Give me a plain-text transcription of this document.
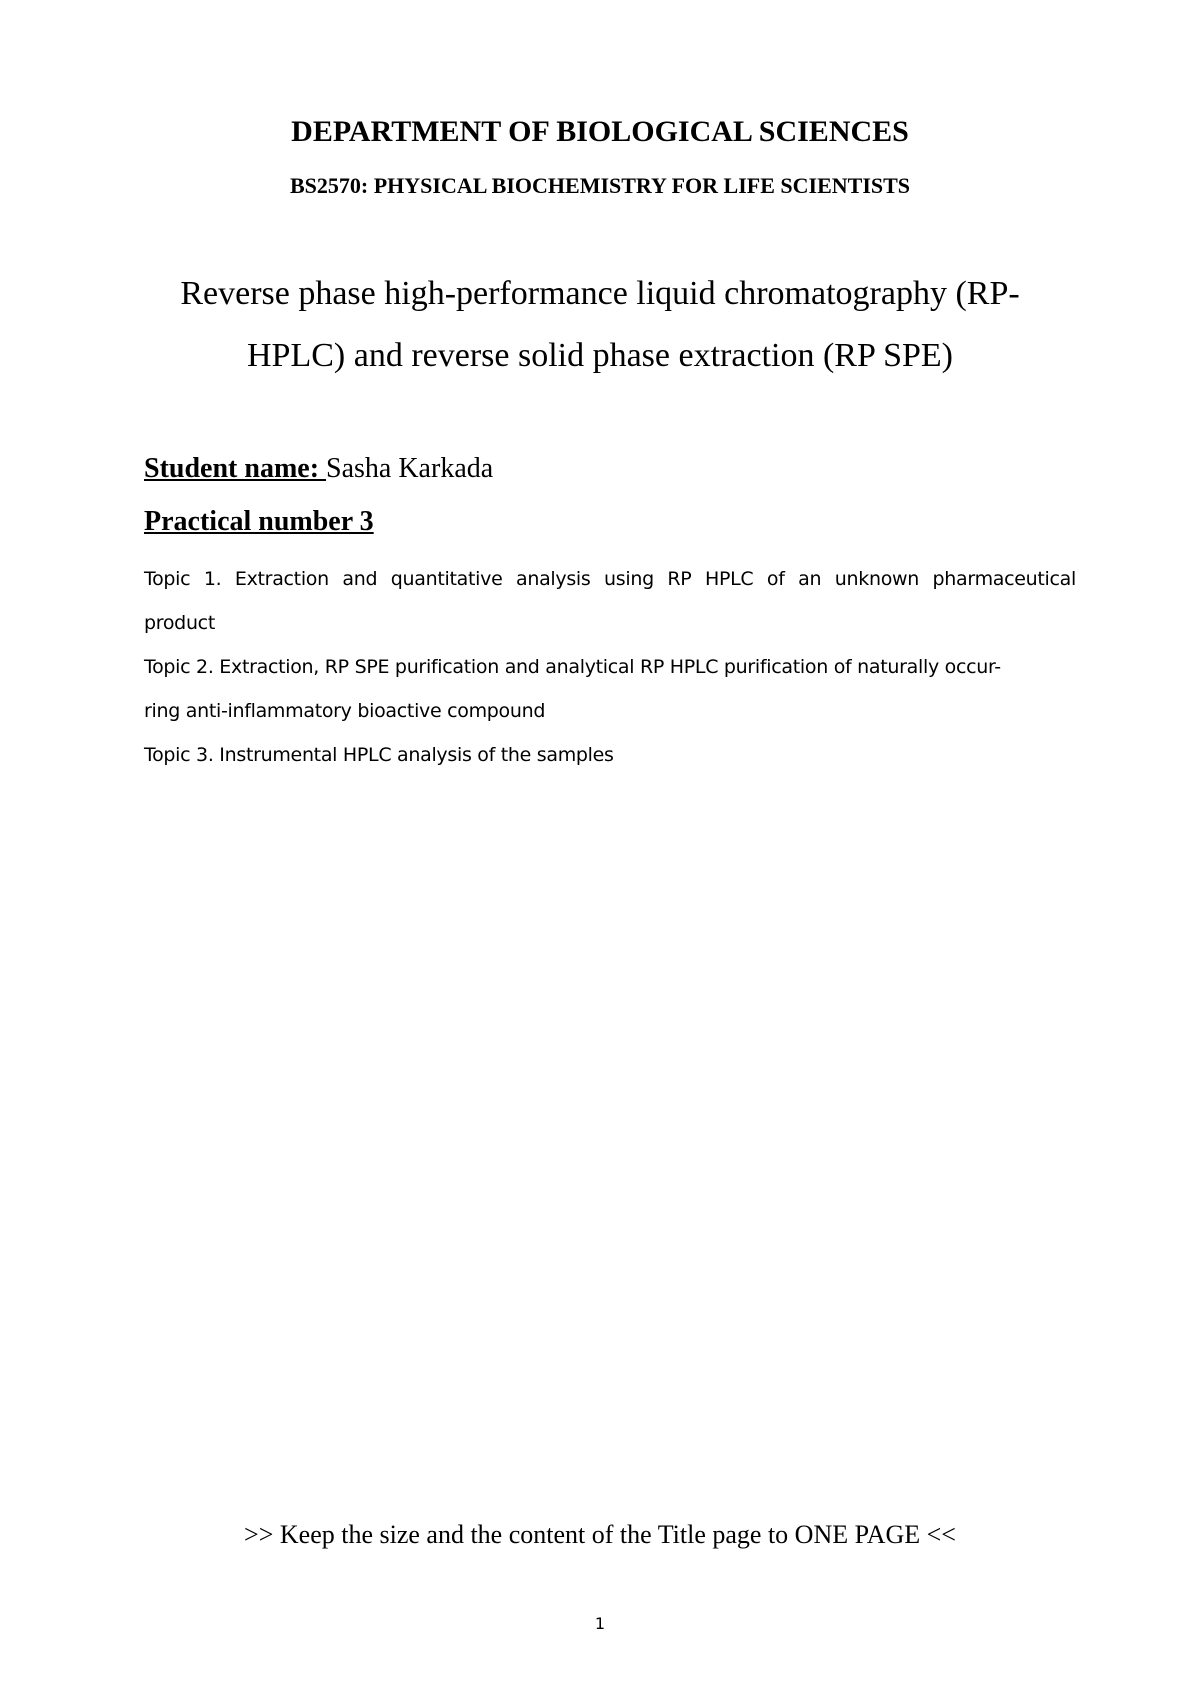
DEPARTMENT OF BIOLOGICAL SCIENCES
BS2570: PHYSICAL BIOCHEMISTRY FOR LIFE SCIENTISTS
Reverse phase high-performance liquid chromatography (RP-
HPLC) and reverse solid phase extraction (RP SPE)
Student name: Sasha Karkada
Practical number 3
Topic 1. Extraction and quantitative analysis using RP HPLC of an unknown pharmaceutical
product
Topic 2. Extraction, RP SPE purification and analytical RP HPLC purification of naturally occur-
ring anti-inflammatory bioactive compound
Topic 3. Instrumental HPLC analysis of the samples
>> Keep the size and the content of the Title page to ONE PAGE <<
1
